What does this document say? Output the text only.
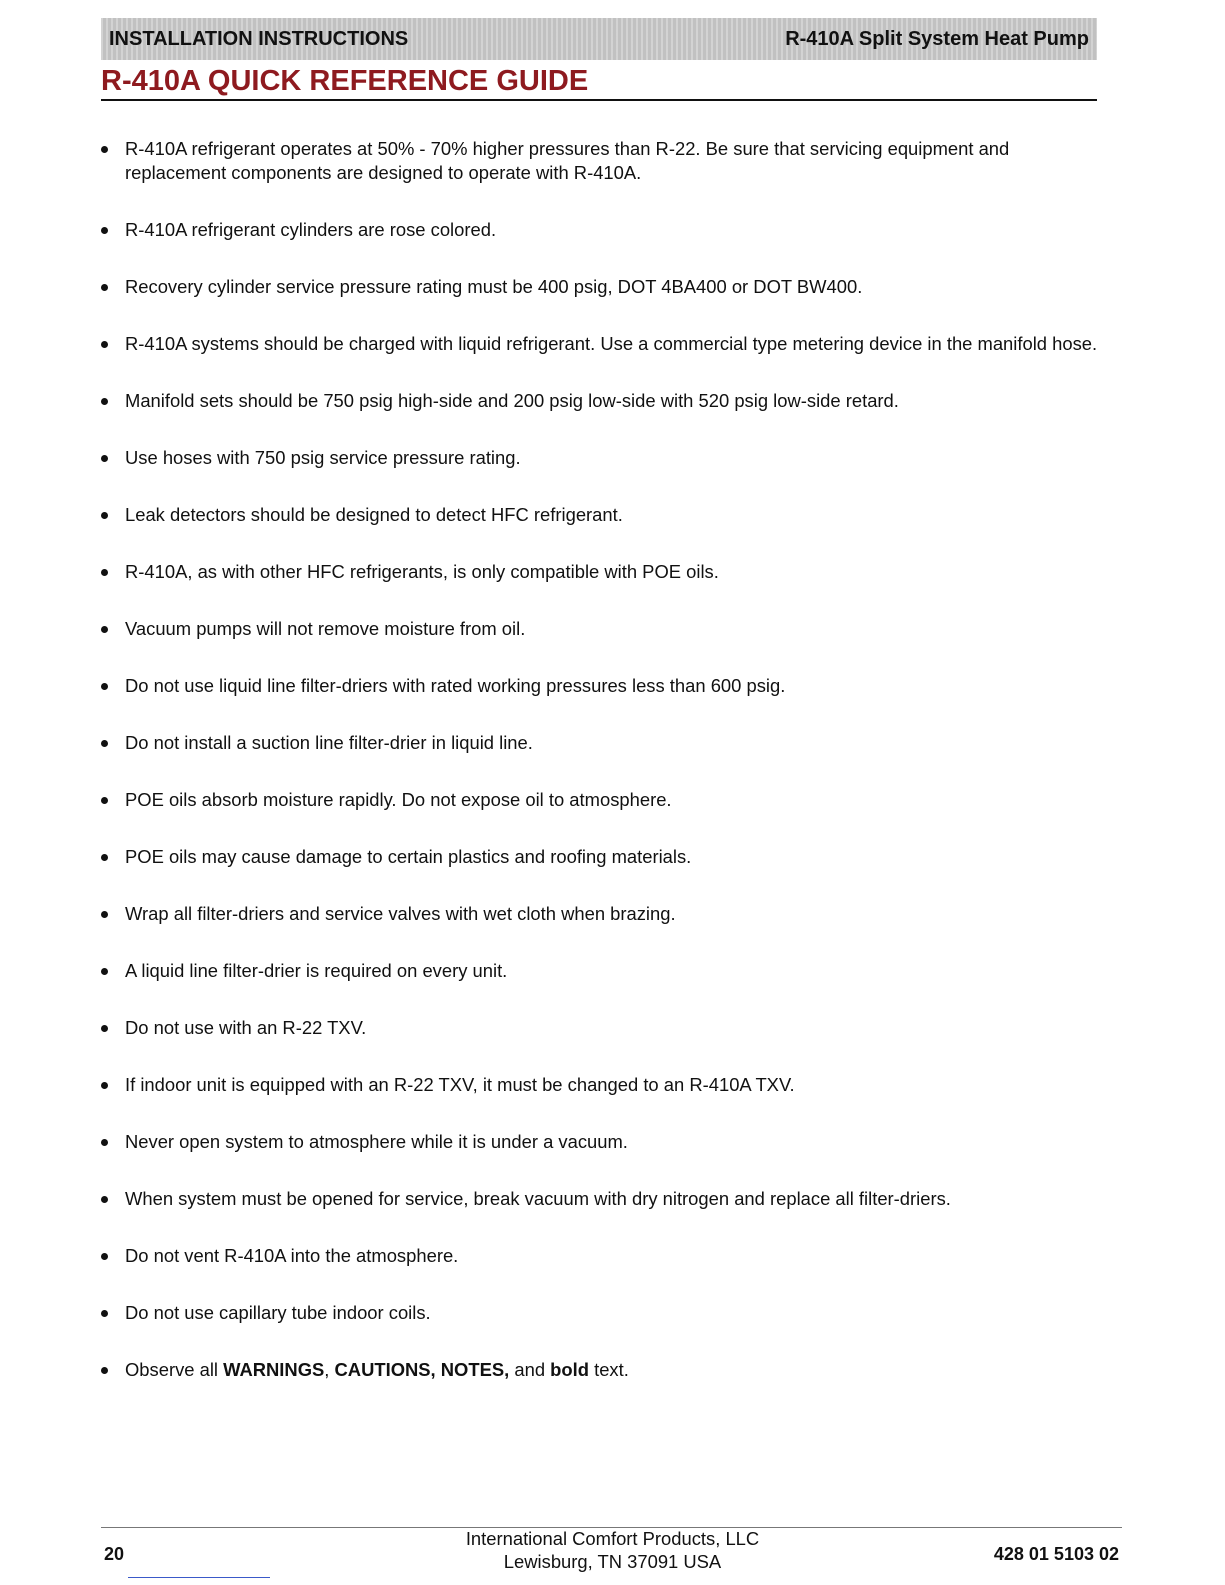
INSTALLATION INSTRUCTIONS	R-410A Split System Heat Pump
R-410A QUICK REFERENCE GUIDE
R-410A refrigerant operates at 50% - 70% higher pressures than R-22. Be sure that servicing equipment and replacement components are designed to operate with R-410A.
R-410A refrigerant cylinders are rose colored.
Recovery cylinder service pressure rating must be 400 psig, DOT 4BA400 or DOT BW400.
R-410A systems should be charged with liquid refrigerant. Use a commercial type metering device in the manifold hose.
Manifold sets should be 750 psig high-side and 200 psig low-side with 520 psig low-side retard.
Use hoses with 750 psig service pressure rating.
Leak detectors should be designed to detect HFC refrigerant.
R-410A, as with other HFC refrigerants, is only compatible with POE oils.
Vacuum pumps will not remove moisture from oil.
Do not use liquid line filter-driers with rated working pressures less than 600 psig.
Do not install a suction line filter-drier in liquid line.
POE oils absorb moisture rapidly. Do not expose oil to atmosphere.
POE oils may cause damage to certain plastics and roofing materials.
Wrap all filter-driers and service valves with wet cloth when brazing.
A liquid line filter-drier is required on every unit.
Do not use with an R-22 TXV.
If indoor unit is equipped with an R-22 TXV, it must be changed to an R-410A TXV.
Never open system to atmosphere while it is under a vacuum.
When system must be opened for service, break vacuum with dry nitrogen and replace all filter-driers.
Do not vent R-410A into the atmosphere.
Do not use capillary tube indoor coils.
Observe all WARNINGS, CAUTIONS, NOTES, and bold text.
20
International Comfort Products, LLC
Lewisburg, TN 37091 USA	428 01 5103 02
